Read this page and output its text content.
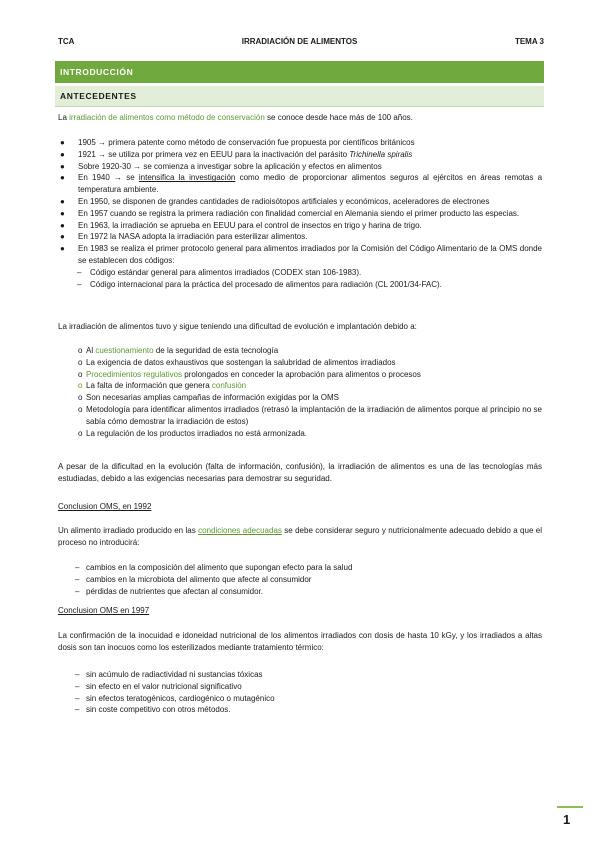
TCA	IRRADIACIÓN DE ALIMENTOS	TEMA 3
INTRODUCCIÓN
ANTECEDENTES
La irradiación de alimentos como método de conservación se conoce desde hace más de 100 años.
● 1905 → primera patente como método de conservación fue propuesta por científicos británicos
● 1921 → se utiliza por primera vez en EEUU para la inactivación del parásito Trichinella spiralis
● Sobre 1920-30 → se comienza a investigar sobre la aplicación y efectos en alimentos
● En 1940 → se intensifica la investigación como medio de proporcionar alimentos seguros al ejércitos en áreas remotas a temperatura ambiente.
● En 1950, se disponen de grandes cantidades de radioisótopos artificiales y económicos, aceleradores de electrones
● En 1957 cuando se registra la primera radiación con finalidad comercial en Alemania siendo el primer producto las especias.
● En 1963, la irradiación se aprueba en EEUU para el control de insectos en trigo y harina de trigo.
● En 1972 la NASA adopta la irradiación para esterilizar alimentos.
● En 1983 se realiza el primer protocolo general para alimentos irradiados por la Comisión del Código Alimentario de la OMS donde se establecen dos códigos:
– Código estándar general para alimentos irradiados (CODEX stan 106-1983).
– Código internacional para la práctica del procesado de alimentos para radiación (CL 2001/34-FAC).
La irradiación de alimentos tuvo y sigue teniendo una dificultad de evolución e implantación debido a:
o Al cuestionamiento de la seguridad de esta tecnología
o La exigencia de datos exhaustivos que sostengan la salubridad de alimentos irradiados
o Procedimientos regulativos prolongados en conceder la aprobación para alimentos o procesos
o La falta de información que genera confusión
o Son necesarias amplias campañas de información exigidas por la OMS
o Metodología para identificar alimentos irradiados (retrasó la implantación de la irradiación de alimentos porque al principio no se sabía cómo demostrar la irradiación de estos)
o La regulación de los productos irradiados no está armonizada.
A pesar de la dificultad en la evolución (falta de información, confusión), la irradiación de alimentos es una de las tecnologías más estudiadas, debido a las exigencias necesarias para demostrar su seguridad.
Conclusion OMS, en 1992
Un alimento irradiado producido en las condiciones adecuadas se debe considerar seguro y nutricionalmente adecuado debido a que el proceso no introducirá:
– cambios en la composición del alimento que supongan efecto para la salud
– cambios en la microbiota del alimento que afecte al consumidor
– pérdidas de nutrientes que afectan al consumidor.
Conclusion OMS en 1997
La confirmación de la inocuidad e idoneidad nutricional de los alimentos irradiados con dosis de hasta 10 kGy, y los irradiados a altas dosis son tan inocuos como los esterilizados mediante tratamiento térmico:
– sin acúmulo de radiactividad ni sustancias tóxicas
– sin efecto en el valor nutricional significativo
– sin efectos teratogénicos, cardiogénico o mutagénico
– sin coste competitivo con otros métodos.
1
